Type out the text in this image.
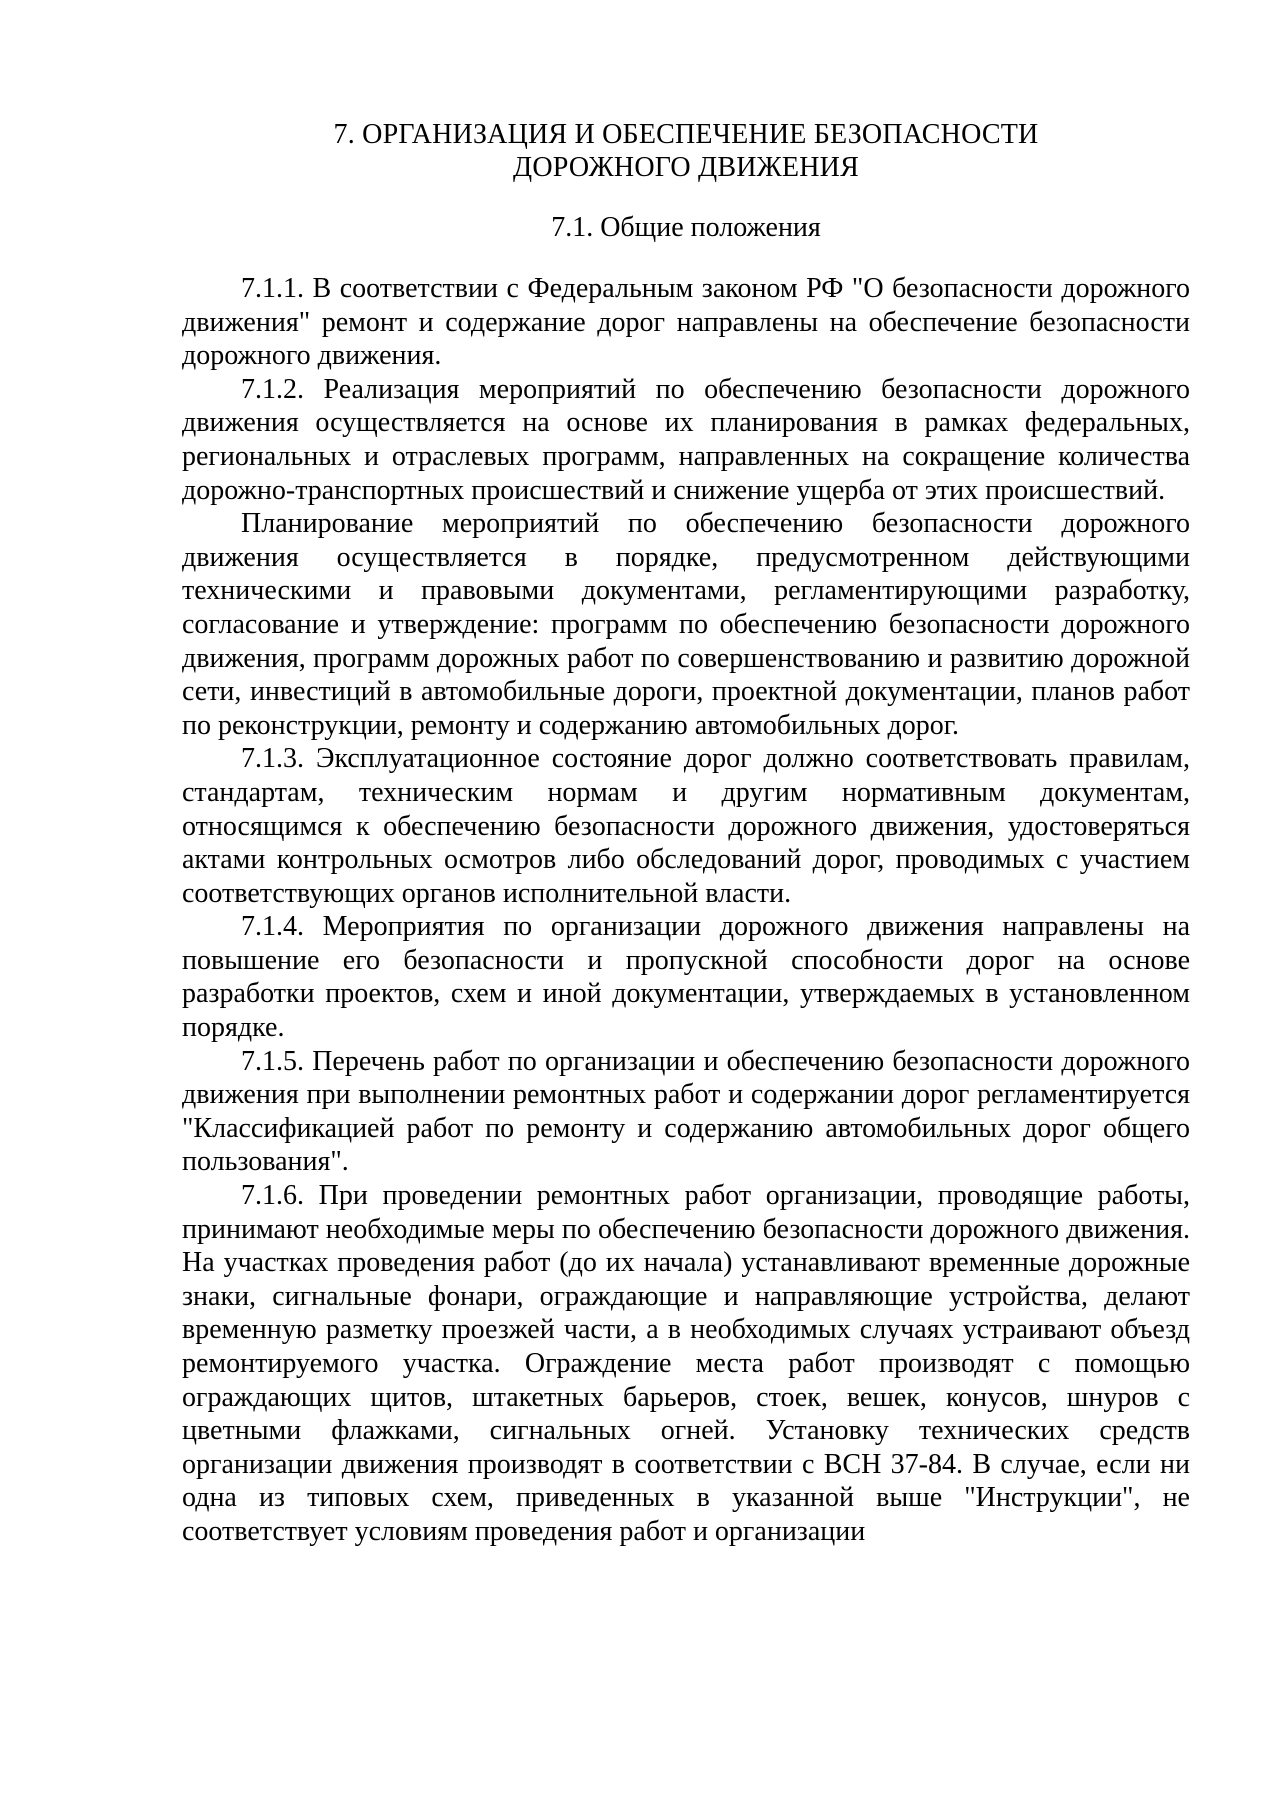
7. ОРГАНИЗАЦИЯ И ОБЕСПЕЧЕНИЕ БЕЗОПАСНОСТИ
ДОРОЖНОГО ДВИЖЕНИЯ
7.1. Общие положения

7.1.1. В соответствии с Федеральным законом РФ "О безопасности дорожного движения" ремонт и содержание дорог направлены на обеспечение безопасности дорожного движения.

7.1.2. Реализация мероприятий по обеспечению безопасности дорожного движения осуществляется на основе их планирования в рамках федеральных, региональных и отраслевых программ, направленных на сокращение количества дорожно-транспортных происшествий и снижение ущерба от этих происшествий.

Планирование мероприятий по обеспечению безопасности дорожного движения осуществляется в порядке, предусмотренном действующими техническими и правовыми документами, регламентирующими разработку, согласование и утверждение: программ по обеспечению безопасности дорожного движения, программ дорожных работ по совершенствованию и развитию дорожной сети, инвестиций в автомобильные дороги, проектной документации, планов работ по реконструкции, ремонту и содержанию автомобильных дорог.

7.1.3. Эксплуатационное состояние дорог должно соответствовать правилам, стандартам, техническим нормам и другим нормативным документам, относящимся к обеспечению безопасности дорожного движения, удостоверяться актами контрольных осмотров либо обследований дорог, проводимых с участием соответствующих органов исполнительной власти.

7.1.4. Мероприятия по организации дорожного движения направлены на повышение его безопасности и пропускной способности дорог на основе разработки проектов, схем и иной документации, утверждаемых в установленном порядке.

7.1.5. Перечень работ по организации и обеспечению безопасности дорожного движения при выполнении ремонтных работ и содержании дорог регламентируется "Классификацией работ по ремонту и содержанию автомобильных дорог общего пользования".

7.1.6. При проведении ремонтных работ организации, проводящие работы, принимают необходимые меры по обеспечению безопасности дорожного движения. На участках проведения работ (до их начала) устанавливают временные дорожные знаки, сигнальные фонари, ограждающие и направляющие устройства, делают временную разметку проезжей части, а в необходимых случаях устраивают объезд ремонтируемого участка. Ограждение места работ производят с помощью ограждающих щитов, штакетных барьеров, стоек, вешек, конусов, шнуров с цветными флажками, сигнальных огней. Установку технических средств организации движения производят в соответствии с ВСН 37-84. В случае, если ни одна из типовых схем, приведенных в указанной выше "Инструкции", не соответствует условиям проведения работ и организации
